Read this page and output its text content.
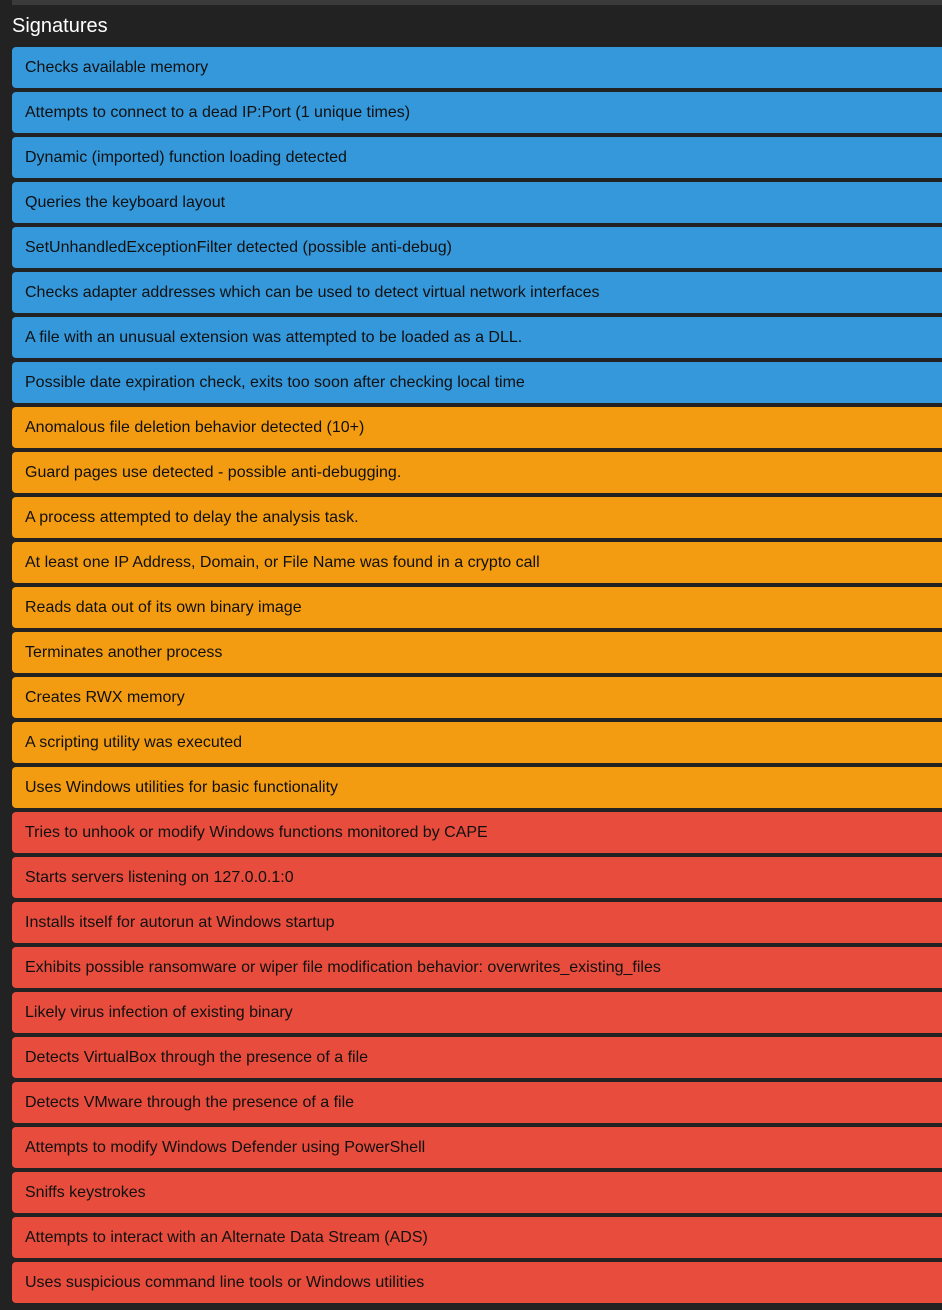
Signatures
Checks available memory
Attempts to connect to a dead IP:Port (1 unique times)
Dynamic (imported) function loading detected
Queries the keyboard layout
SetUnhandledExceptionFilter detected (possible anti-debug)
Checks adapter addresses which can be used to detect virtual network interfaces
A file with an unusual extension was attempted to be loaded as a DLL.
Possible date expiration check, exits too soon after checking local time
Anomalous file deletion behavior detected (10+)
Guard pages use detected - possible anti-debugging.
A process attempted to delay the analysis task.
At least one IP Address, Domain, or File Name was found in a crypto call
Reads data out of its own binary image
Terminates another process
Creates RWX memory
A scripting utility was executed
Uses Windows utilities for basic functionality
Tries to unhook or modify Windows functions monitored by CAPE
Starts servers listening on 127.0.0.1:0
Installs itself for autorun at Windows startup
Exhibits possible ransomware or wiper file modification behavior: overwrites_existing_files
Likely virus infection of existing binary
Detects VirtualBox through the presence of a file
Detects VMware through the presence of a file
Attempts to modify Windows Defender using PowerShell
Sniffs keystrokes
Attempts to interact with an Alternate Data Stream (ADS)
Uses suspicious command line tools or Windows utilities
